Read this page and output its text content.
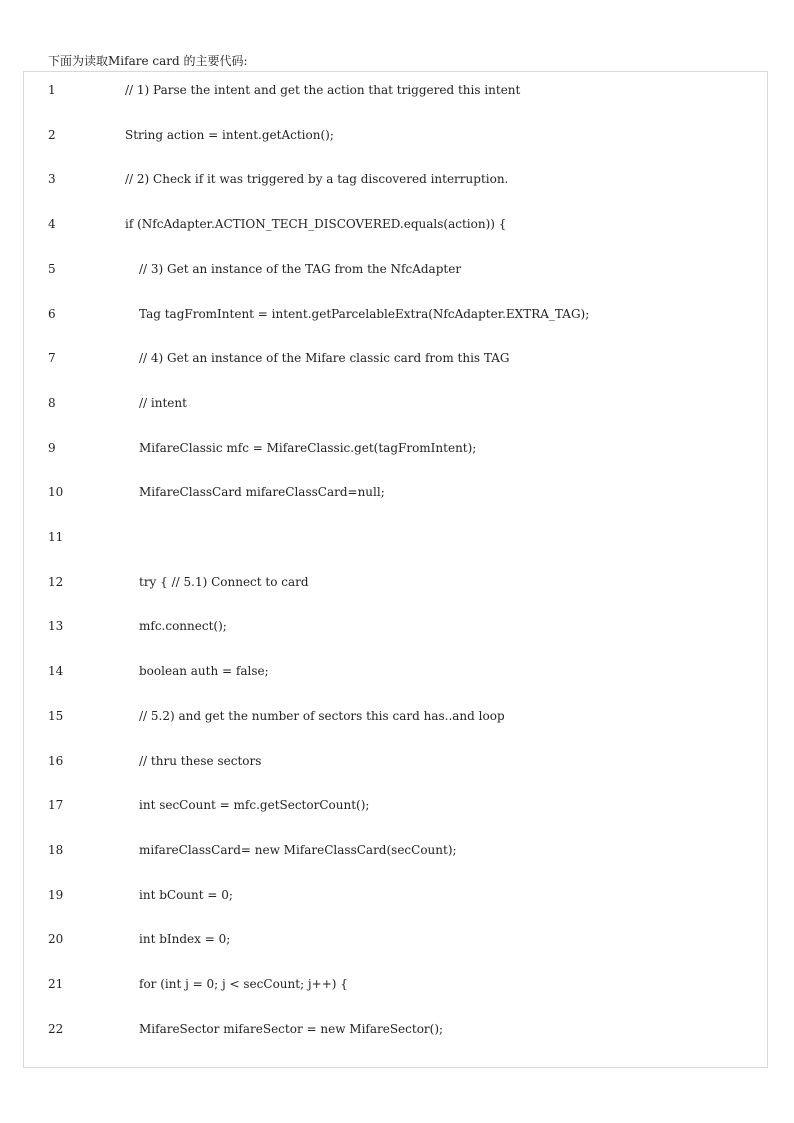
下面为读取Mifare card 的主要代码:
1	// 1) Parse the intent and get the action that triggered this intent
2	String action = intent.getAction();
3	// 2) Check if it was triggered by a tag discovered interruption.
4	if (NfcAdapter.ACTION_TECH_DISCOVERED.equals(action)) {
5	// 3) Get an instance of the TAG from the NfcAdapter
6	Tag tagFromIntent = intent.getParcelableExtra(NfcAdapter.EXTRA_TAG);
7	// 4) Get an instance of the Mifare classic card from this TAG
8	// intent
9	MifareClassic mfc = MifareClassic.get(tagFromIntent);
10	MifareClassCard mifareClassCard=null;
11
12	try { // 5.1) Connect to card
13	mfc.connect();
14	boolean auth = false;
15	// 5.2) and get the number of sectors this card has..and loop
16	// thru these sectors
17	int secCount = mfc.getSectorCount();
18	mifareClassCard= new MifareClassCard(secCount);
19	int bCount = 0;
20	int bIndex = 0;
21	for (int j = 0; j < secCount; j++) {
22	MifareSector mifareSector = new MifareSector();
